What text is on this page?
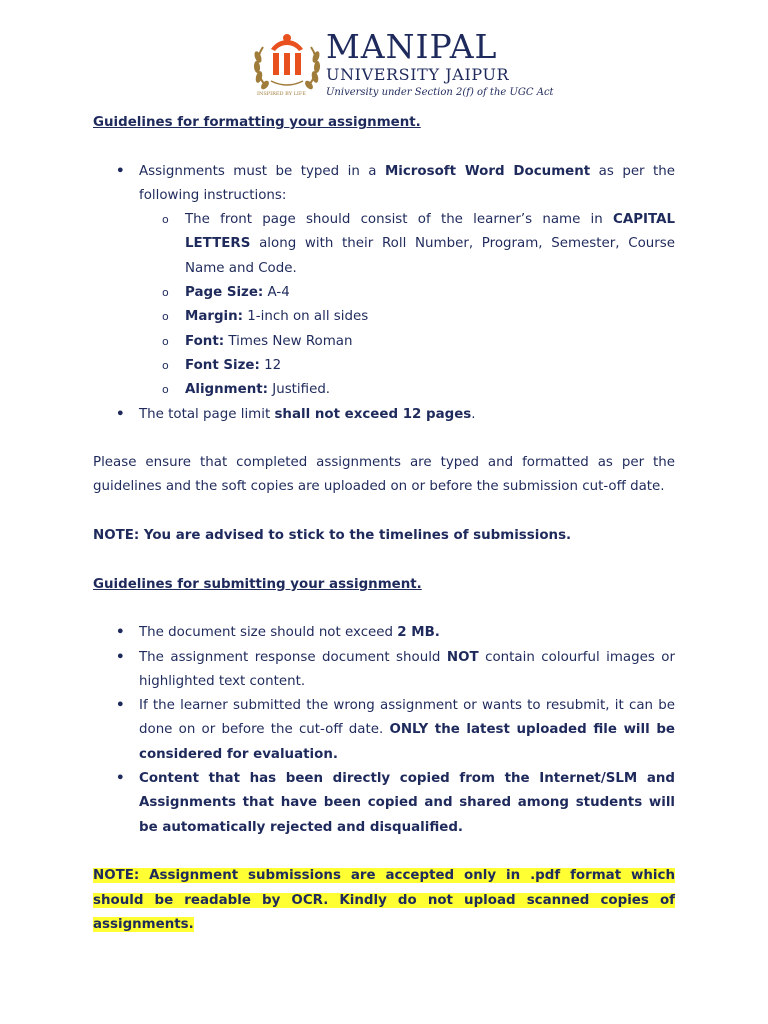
MANIPAL
UNIVERSITY JAIPUR
University under Section 2(f) of the UGC Act
INSPIRED BY LIFE

Guidelines for formatting your assignment.

• Assignments must be typed in a Microsoft Word Document as per the following instructions:
o The front page should consist of the learner’s name in CAPITAL LETTERS along with their Roll Number, Program, Semester, Course Name and Code.
o Page Size: A-4
o Margin: 1-inch on all sides
o Font: Times New Roman
o Font Size: 12
o Alignment: Justified.
• The total page limit shall not exceed 12 pages.

Please ensure that completed assignments are typed and formatted as per the guidelines and the soft copies are uploaded on or before the submission cut-off date.

NOTE: You are advised to stick to the timelines of submissions.

Guidelines for submitting your assignment.

• The document size should not exceed 2 MB.
• The assignment response document should NOT contain colourful images or highlighted text content.
• If the learner submitted the wrong assignment or wants to resubmit, it can be done on or before the cut-off date. ONLY the latest uploaded file will be considered for evaluation.
• Content that has been directly copied from the Internet/SLM and Assignments that have been copied and shared among students will be automatically rejected and disqualified.

NOTE: Assignment submissions are accepted only in .pdf format which should be readable by OCR. Kindly do not upload scanned copies of assignments.
